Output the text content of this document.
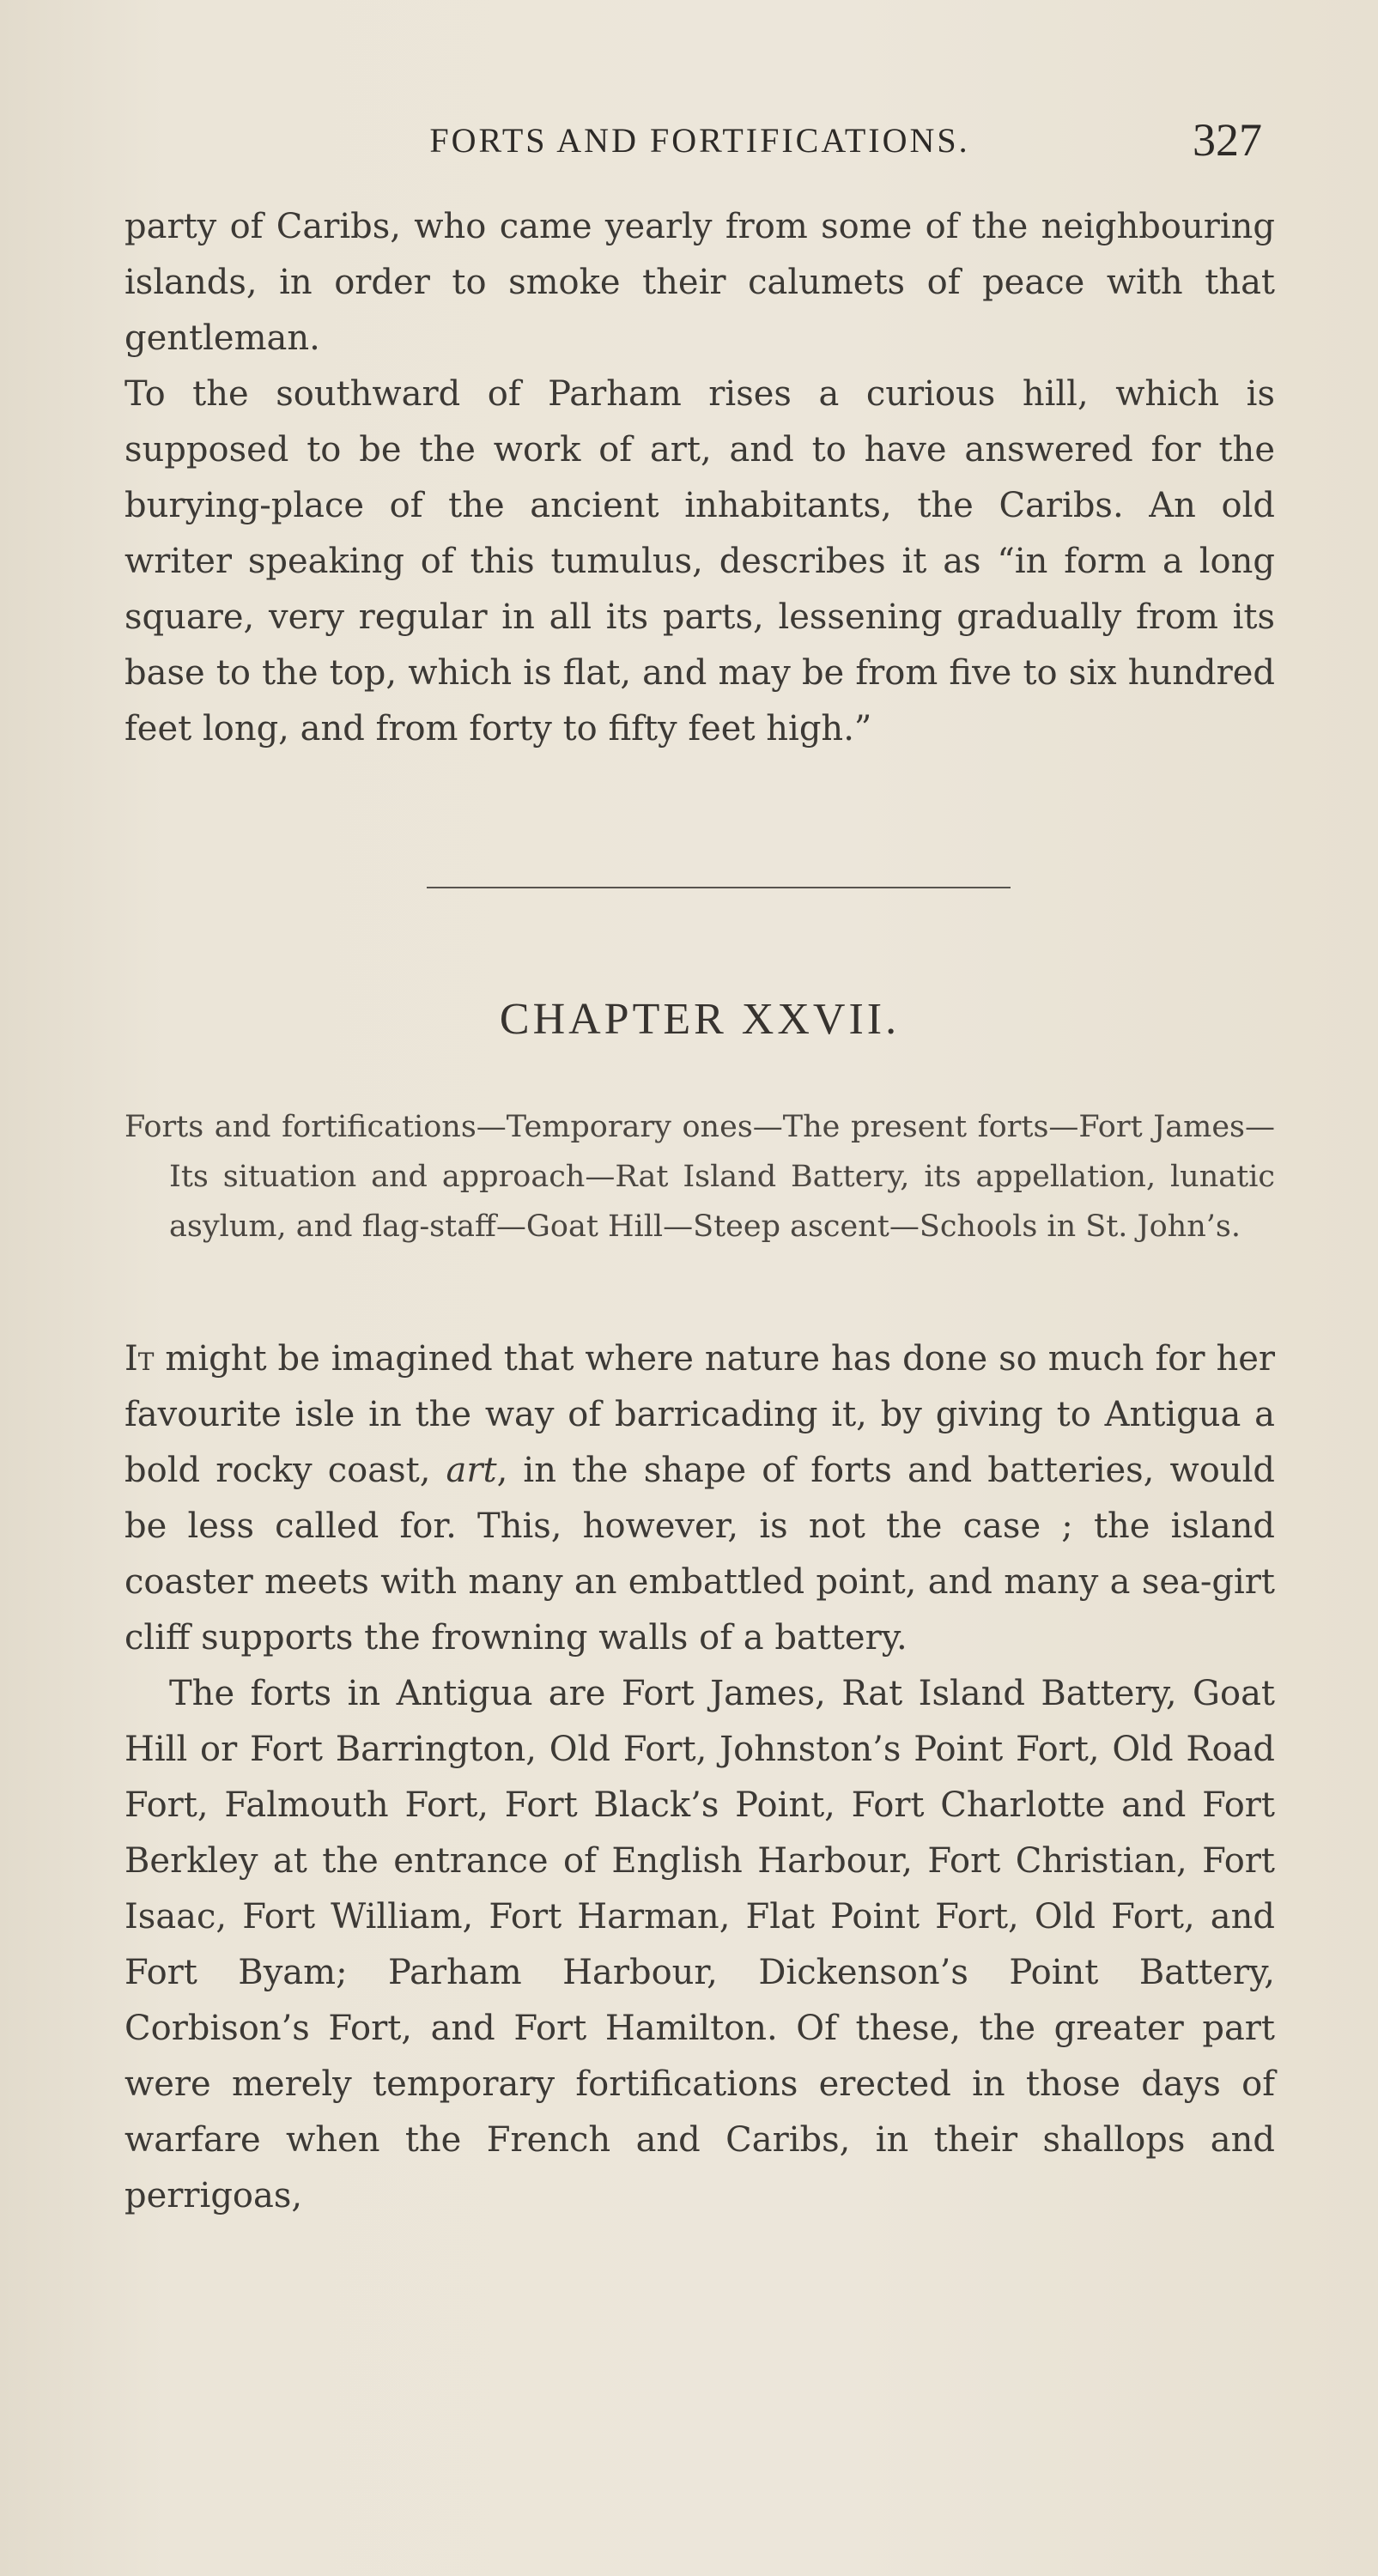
FORTS AND FORTIFICATIONS.	327

party of Caribs, who came yearly from some of the neighbouring islands, in order to smoke their calumets of peace with that gentleman.

To the southward of Parham rises a curious hill, which is supposed to be the work of art, and to have answered for the burying-place of the ancient inhabitants, the Caribs. An old writer speaking of this tumulus, describes it as “in form a long square, very regular in all its parts, lessening gradually from its base to the top, which is flat, and may be from five to six hundred feet long, and from forty to fifty feet high.”

CHAPTER XXVII.

Forts and fortifications—Temporary ones—The present forts—Fort James—Its situation and approach—Rat Island Battery, its appellation, lunatic asylum, and flag-staff—Goat Hill—Steep ascent—Schools in St. John’s.

It might be imagined that where nature has done so much for her favourite isle in the way of barricading it, by giving to Antigua a bold rocky coast, art, in the shape of forts and batteries, would be less called for. This, however, is not the case ; the island coaster meets with many an embattled point, and many a sea-girt cliff supports the frowning walls of a battery.

The forts in Antigua are Fort James, Rat Island Battery, Goat Hill or Fort Barrington, Old Fort, Johnston’s Point Fort, Old Road Fort, Falmouth Fort, Fort Black’s Point, Fort Charlotte and Fort Berkley at the entrance of English Harbour, Fort Christian, Fort Isaac, Fort William, Fort Harman, Flat Point Fort, Old Fort, and Fort Byam; Parham Harbour, Dickenson’s Point Battery, Corbison’s Fort, and Fort Hamilton. Of these, the greater part were merely temporary fortifications erected in those days of warfare when the French and Caribs, in their shallops and perrigoas,
